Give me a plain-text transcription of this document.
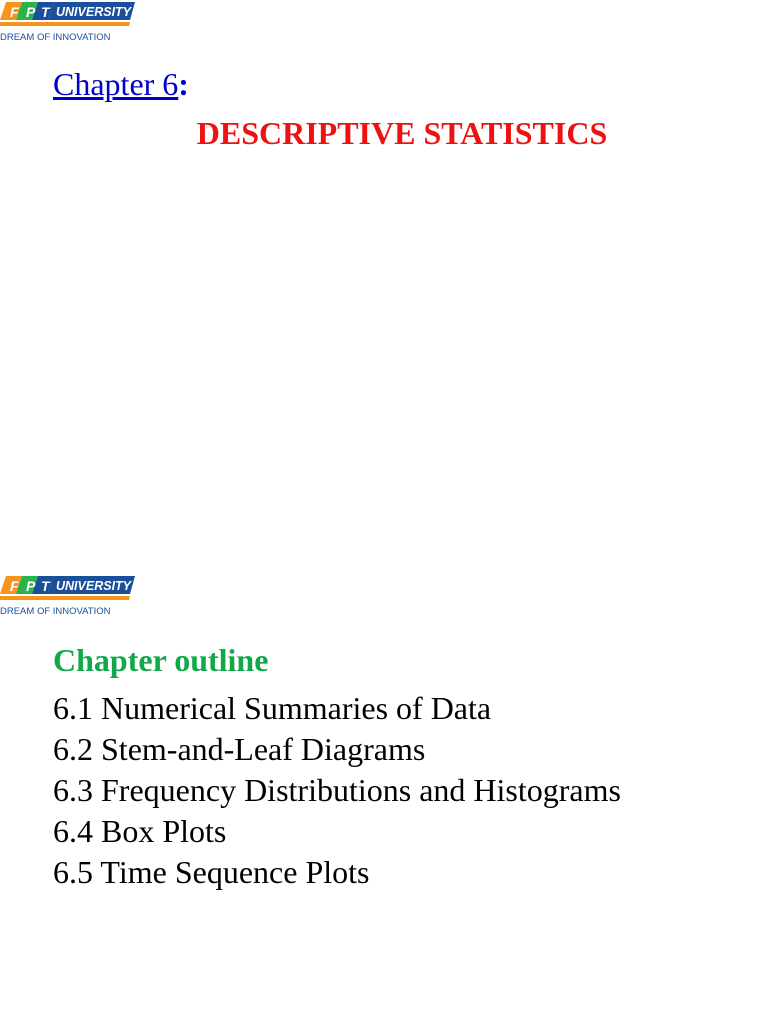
F P T UNIVERSITY
DREAM OF INNOVATION
Chapter 6:
DESCRIPTIVE STATISTICS
F P T UNIVERSITY
DREAM OF INNOVATION
Chapter outline
6.1 Numerical Summaries of Data
6.2 Stem-and-Leaf Diagrams
6.3 Frequency Distributions and Histograms
6.4 Box Plots
6.5 Time Sequence Plots
